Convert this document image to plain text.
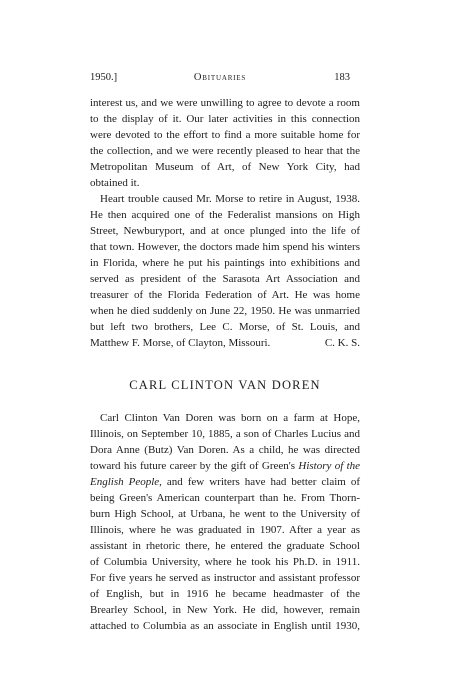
1950.]	Obituaries	183
interest us, and we were unwilling to agree to devote a room
to the display of it. Our later activities in this connection
were devoted to the effort to find a more suitable home for
the collection, and we were recently pleased to hear that the
Metropolitan Museum of Art, of New York City, had
obtained it.
Heart trouble caused Mr. Morse to retire in August, 1938.
He then acquired one of the Federalist mansions on High
Street, Newburyport, and at once plunged into the life of
that town. However, the doctors made him spend his winters
in Florida, where he put his paintings into exhibitions and
served as president of the Sarasota Art Association and
treasurer of the Florida Federation of Art. He was home
when he died suddenly on June 22, 1950. He was unmarried
but left two brothers, Lee C. Morse, of St. Louis, and
Matthew F. Morse, of Clayton, Missouri.	C. K. S.
CARL CLINTON VAN DOREN
Carl Clinton Van Doren was born on a farm at Hope,
Illinois, on September 10, 1885, a son of Charles Lucius and
Dora Anne (Butz) Van Doren. As a child, he was directed
toward his future career by the gift of Green's History of the
English People, and few writers have had better claim of
being Green's American counterpart than he. From Thorn-
burn High School, at Urbana, he went to the University of
Illinois, where he was graduated in 1907. After a year as
assistant in rhetoric there, he entered the graduate School
of Columbia University, where he took his Ph.D. in 1911.
For five years he served as instructor and assistant professor
of English, but in 1916 he became headmaster of the
Brearley School, in New York. He did, however, remain
attached to Columbia as an associate in English until 1930,
